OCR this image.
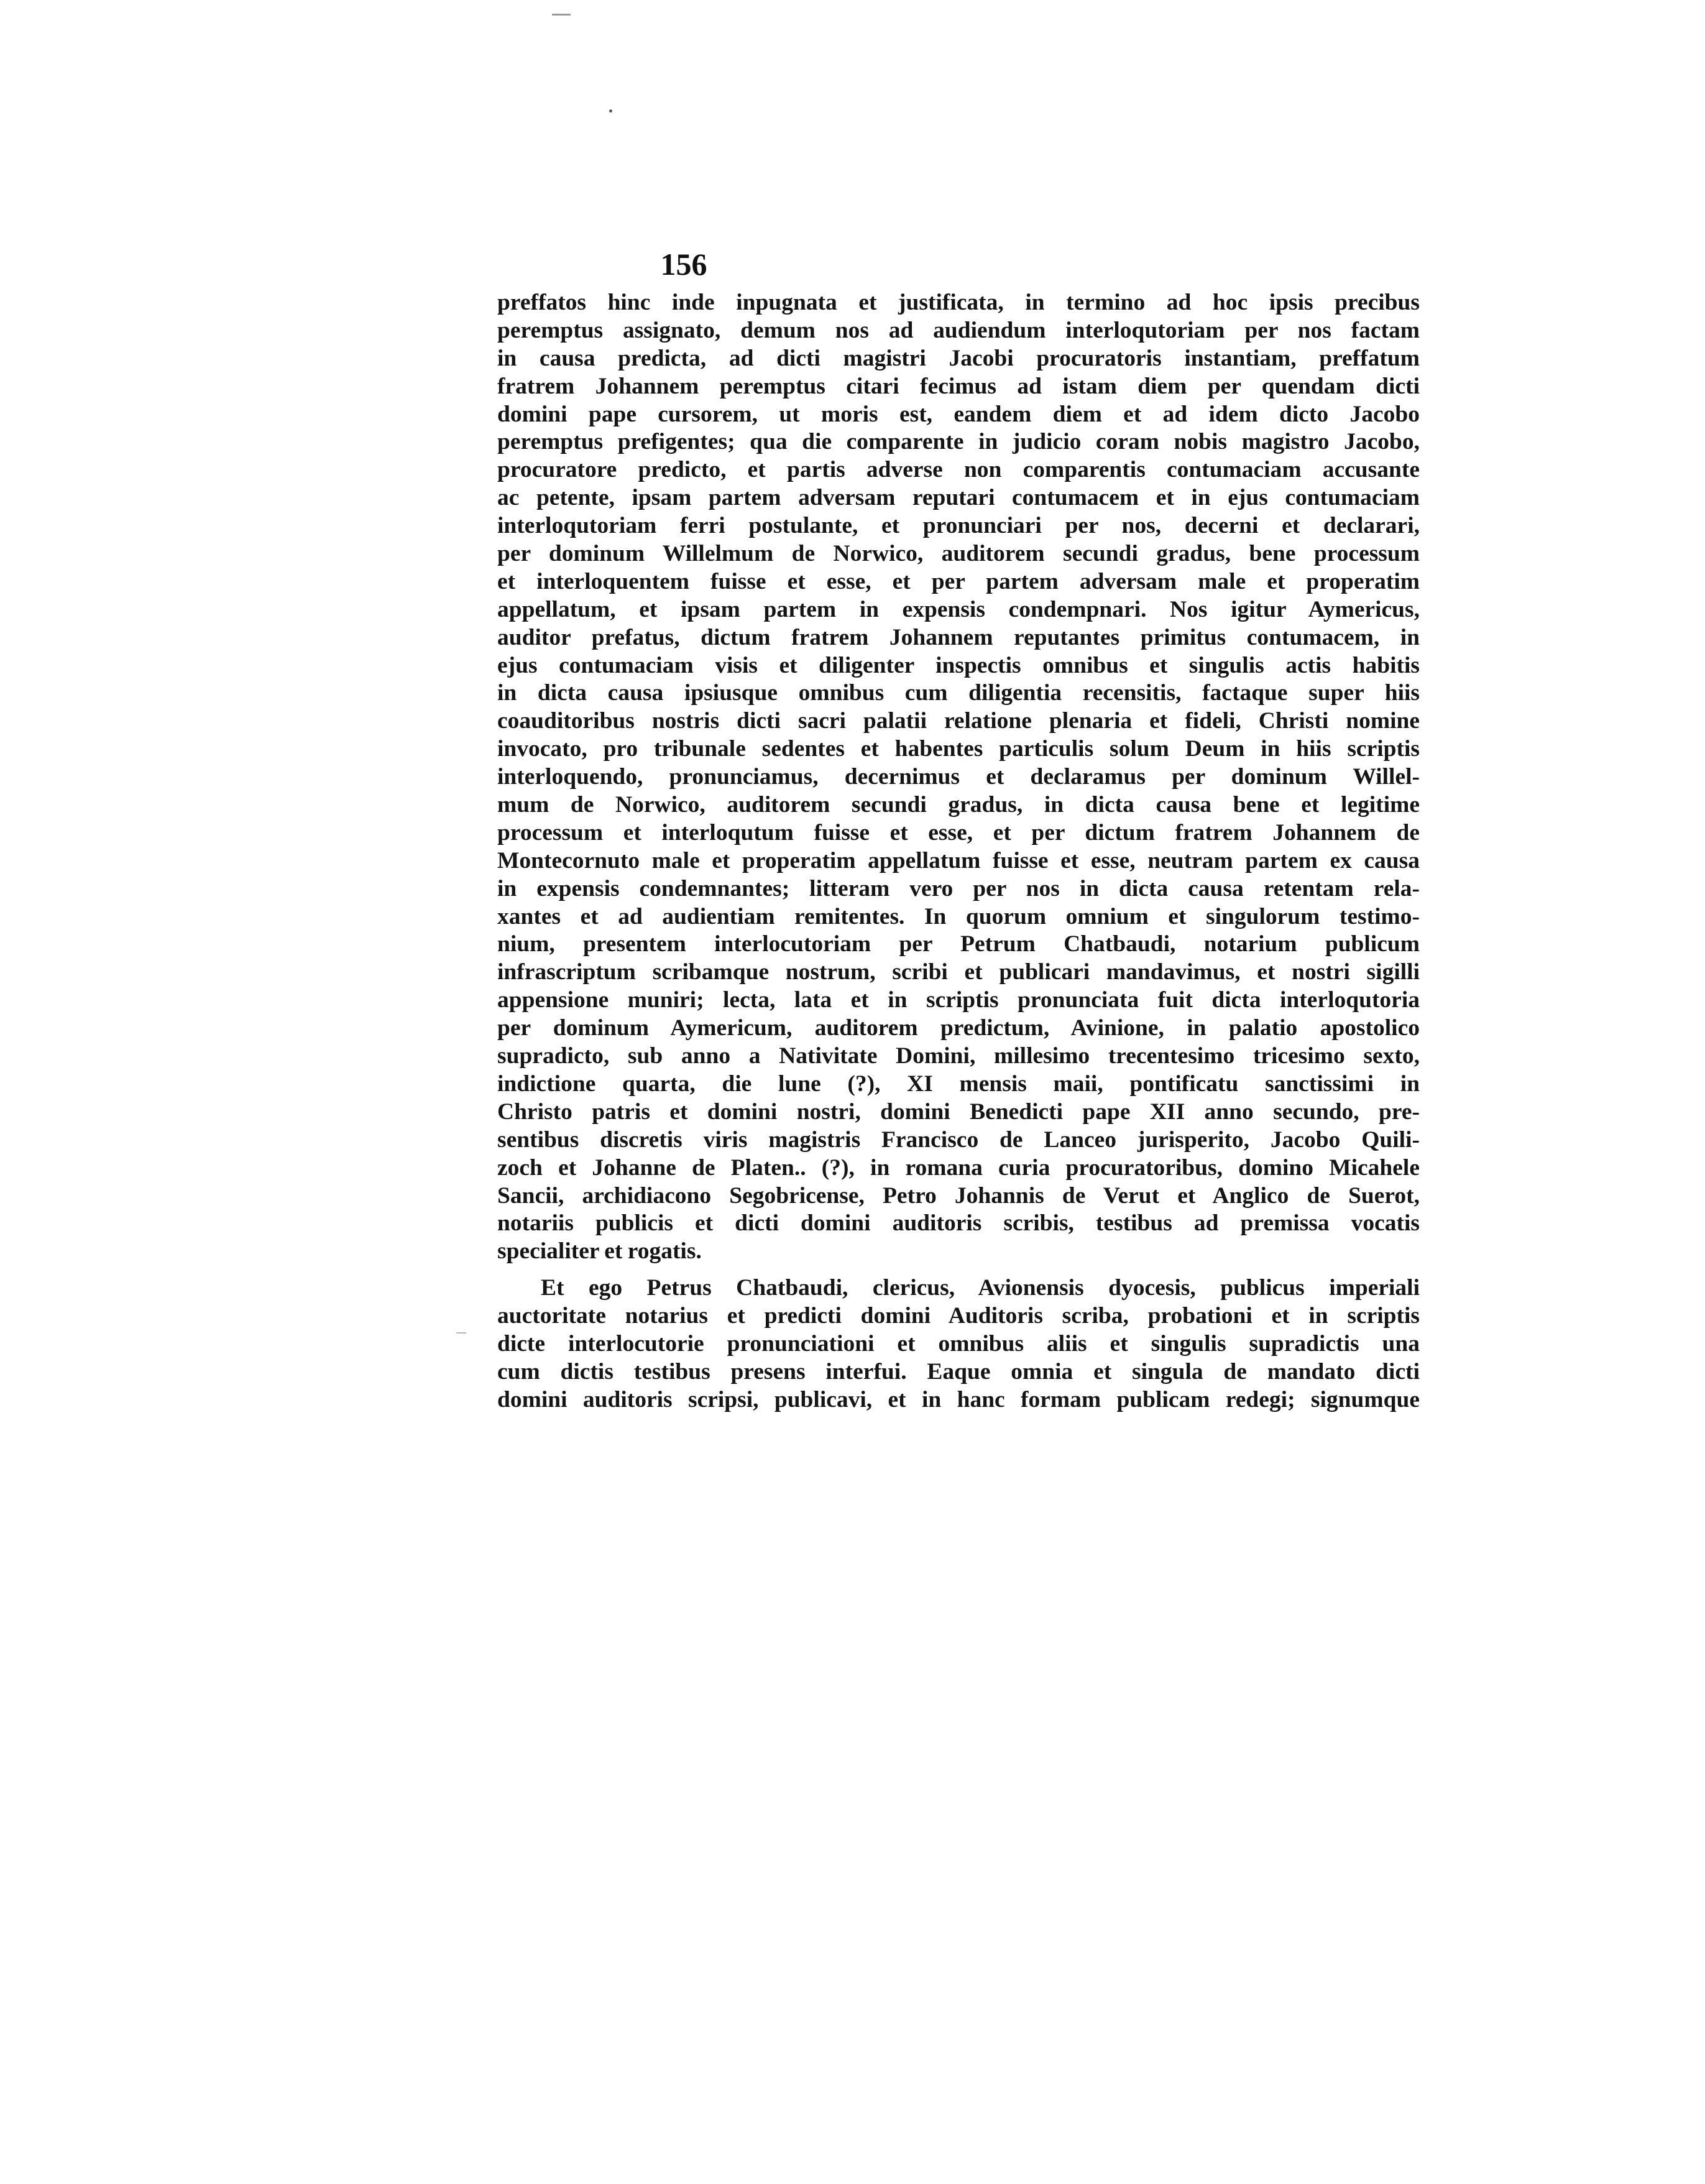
156
preffatos hinc inde inpugnata et justificata, in termino ad hoc ipsis precibus
peremptus assignato, demum nos ad audiendum interloqutoriam per nos factam
in causa predicta, ad dicti magistri Jacobi procuratoris instantiam, preffatum
fratrem Johannem peremptus citari fecimus ad istam diem per quendam dicti
domini pape cursorem, ut moris est, eandem diem et ad idem dicto Jacobo
peremptus prefigentes; qua die comparente in judicio coram nobis magistro Jacobo,
procuratore predicto, et partis adverse non comparentis contumaciam accusante
ac petente, ipsam partem adversam reputari contumacem et in ejus contumaciam
interloqutoriam ferri postulante, et pronunciari per nos, decerni et declarari,
per dominum Willelmum de Norwico, auditorem secundi gradus, bene processum
et interloquentem fuisse et esse, et per partem adversam male et properatim
appellatum, et ipsam partem in expensis condempnari. Nos igitur Aymericus,
auditor prefatus, dictum fratrem Johannem reputantes primitus contumacem, in
ejus contumaciam visis et diligenter inspectis omnibus et singulis actis habitis
in dicta causa ipsiusque omnibus cum diligentia recensitis, factaque super hiis
coauditoribus nostris dicti sacri palatii relatione plenaria et fideli, Christi nomine
invocato, pro tribunale sedentes et habentes particulis solum Deum in hiis scriptis
interloquendo, pronunciamus, decernimus et declaramus per dominum Willel-
mum de Norwico, auditorem secundi gradus, in dicta causa bene et legitime
processum et interloqutum fuisse et esse, et per dictum fratrem Johannem de
Montecornuto male et properatim appellatum fuisse et esse, neutram partem ex causa
in expensis condemnantes; litteram vero per nos in dicta causa retentam rela-
xantes et ad audientiam remitentes. In quorum omnium et singulorum testimo-
nium, presentem interlocutoriam per Petrum Chatbaudi, notarium publicum
infrascriptum scribamque nostrum, scribi et publicari mandavimus, et nostri sigilli
appensione muniri; lecta, lata et in scriptis pronunciata fuit dicta interloqutoria
per dominum Aymericum, auditorem predictum, Avinione, in palatio apostolico
supradicto, sub anno a Nativitate Domini, millesimo trecentesimo tricesimo sexto,
indictione quarta, die lune (?), XI mensis maii, pontificatu sanctissimi in
Christo patris et domini nostri, domini Benedicti pape XII anno secundo, pre-
sentibus discretis viris magistris Francisco de Lanceo jurisperito, Jacobo Quili-
zoch et Johanne de Platen.. (?), in romana curia procuratoribus, domino Micahele
Sancii, archidiacono Segobricense, Petro Johannis de Verut et Anglico de Suerot,
notariis publicis et dicti domini auditoris scribis, testibus ad premissa vocatis
specialiter et rogatis.
Et ego Petrus Chatbaudi, clericus, Avionensis dyocesis, publicus imperiali
auctoritate notarius et predicti domini Auditoris scriba, probationi et in scriptis
dicte interlocutorie pronunciationi et omnibus aliis et singulis supradictis una
cum dictis testibus presens interfui. Eaque omnia et singula de mandato dicti
domini auditoris scripsi, publicavi, et in hanc formam publicam redegi; signumque
